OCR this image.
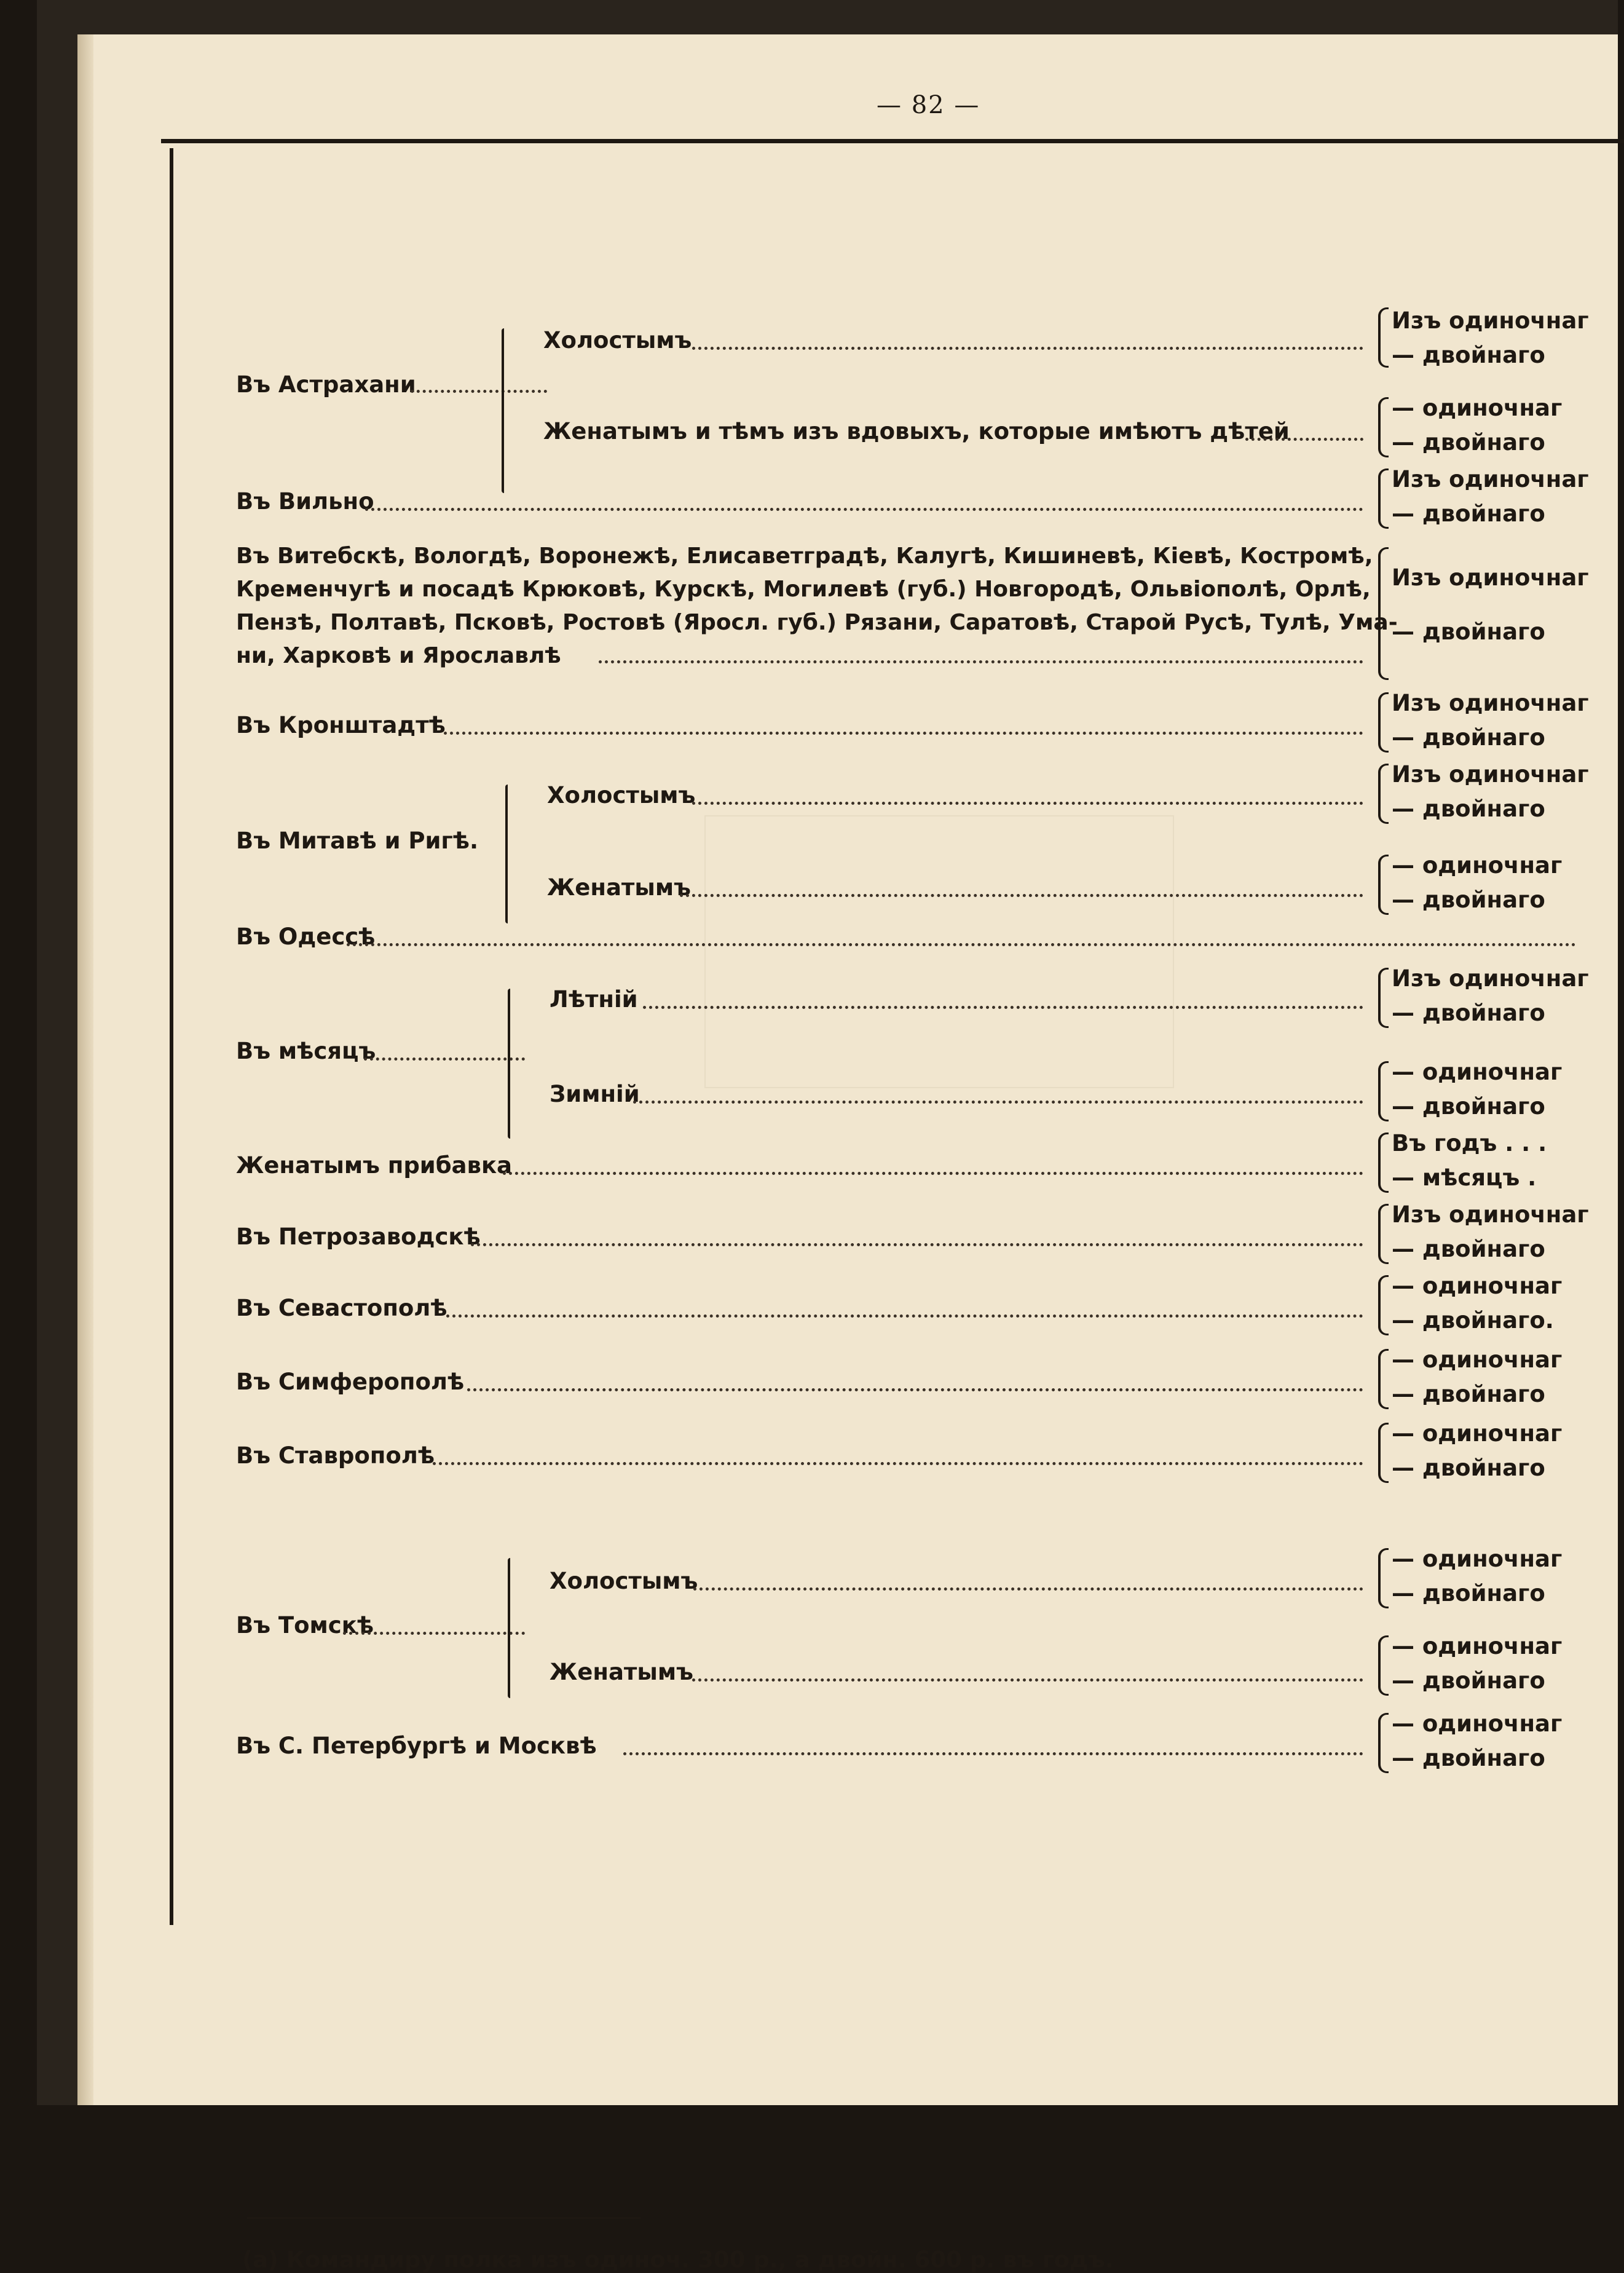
— 82 —
Въ Астрахани
Холостымъ
Женатымъ и тѣмъ изъ вдовыхъ, которые имѣютъ дѣтей
Изъ одиночнаг
— двойнаго
— одиночнаг
— двойнаго
Въ Вильно
Изъ одиночнаг
— двойнаго
Въ Витебскѣ, Вологдѣ, Воронежѣ, Елисаветградѣ, Калугѣ, Кишиневѣ, Кiевѣ, Костромѣ,
Кременчугѣ и посадѣ Крюковѣ, Курскѣ, Могилевѣ (губ.) Новгородѣ, Ольвiополѣ, Орлѣ,
Пензѣ, Полтавѣ, Псковѣ, Ростовѣ (Яросл. губ.) Рязани, Саратовѣ, Старой Русѣ, Тулѣ, Ума-
ни, Харковѣ и Ярославлѣ
Изъ одиночнаг
— двойнаго
Въ Кронштадтѣ
Изъ одиночнаг
— двойнаго
Въ Митавѣ и Ригѣ.
Холостымъ
Женатымъ
Изъ одиночнаг
— двойнаго
— одиночнаг
— двойнаго
Въ Одессѣ
Въ мѣсяцъ
Лѣтнiй
Зимнiй
Изъ одиночнаг
— двойнаго
— одиночнаг
— двойнаго
Женатымъ прибавка
Въ годъ . . .
— мѣсяцъ .
Въ Петрозаводскѣ
Изъ одиночнаг
— двойнаго
Въ Севастополѣ
— одиночнаг
— двойнаго.
Въ Симферополѣ
— одиночнаг
— двойнаго
Въ Ставрополѣ
— одиночнаг
— двойнаго
Въ Томскѣ
Холостымъ
Женатымъ
— одиночнаг
— двойнаго
— одиночнаг
— двойнаго
Въ С. Петербургѣ и Москвѣ
— одиночнаг
— двойнаго
(а) Командиру полка изъ одиноч. 300 р., а двойн. 600 р. въ годъ.
